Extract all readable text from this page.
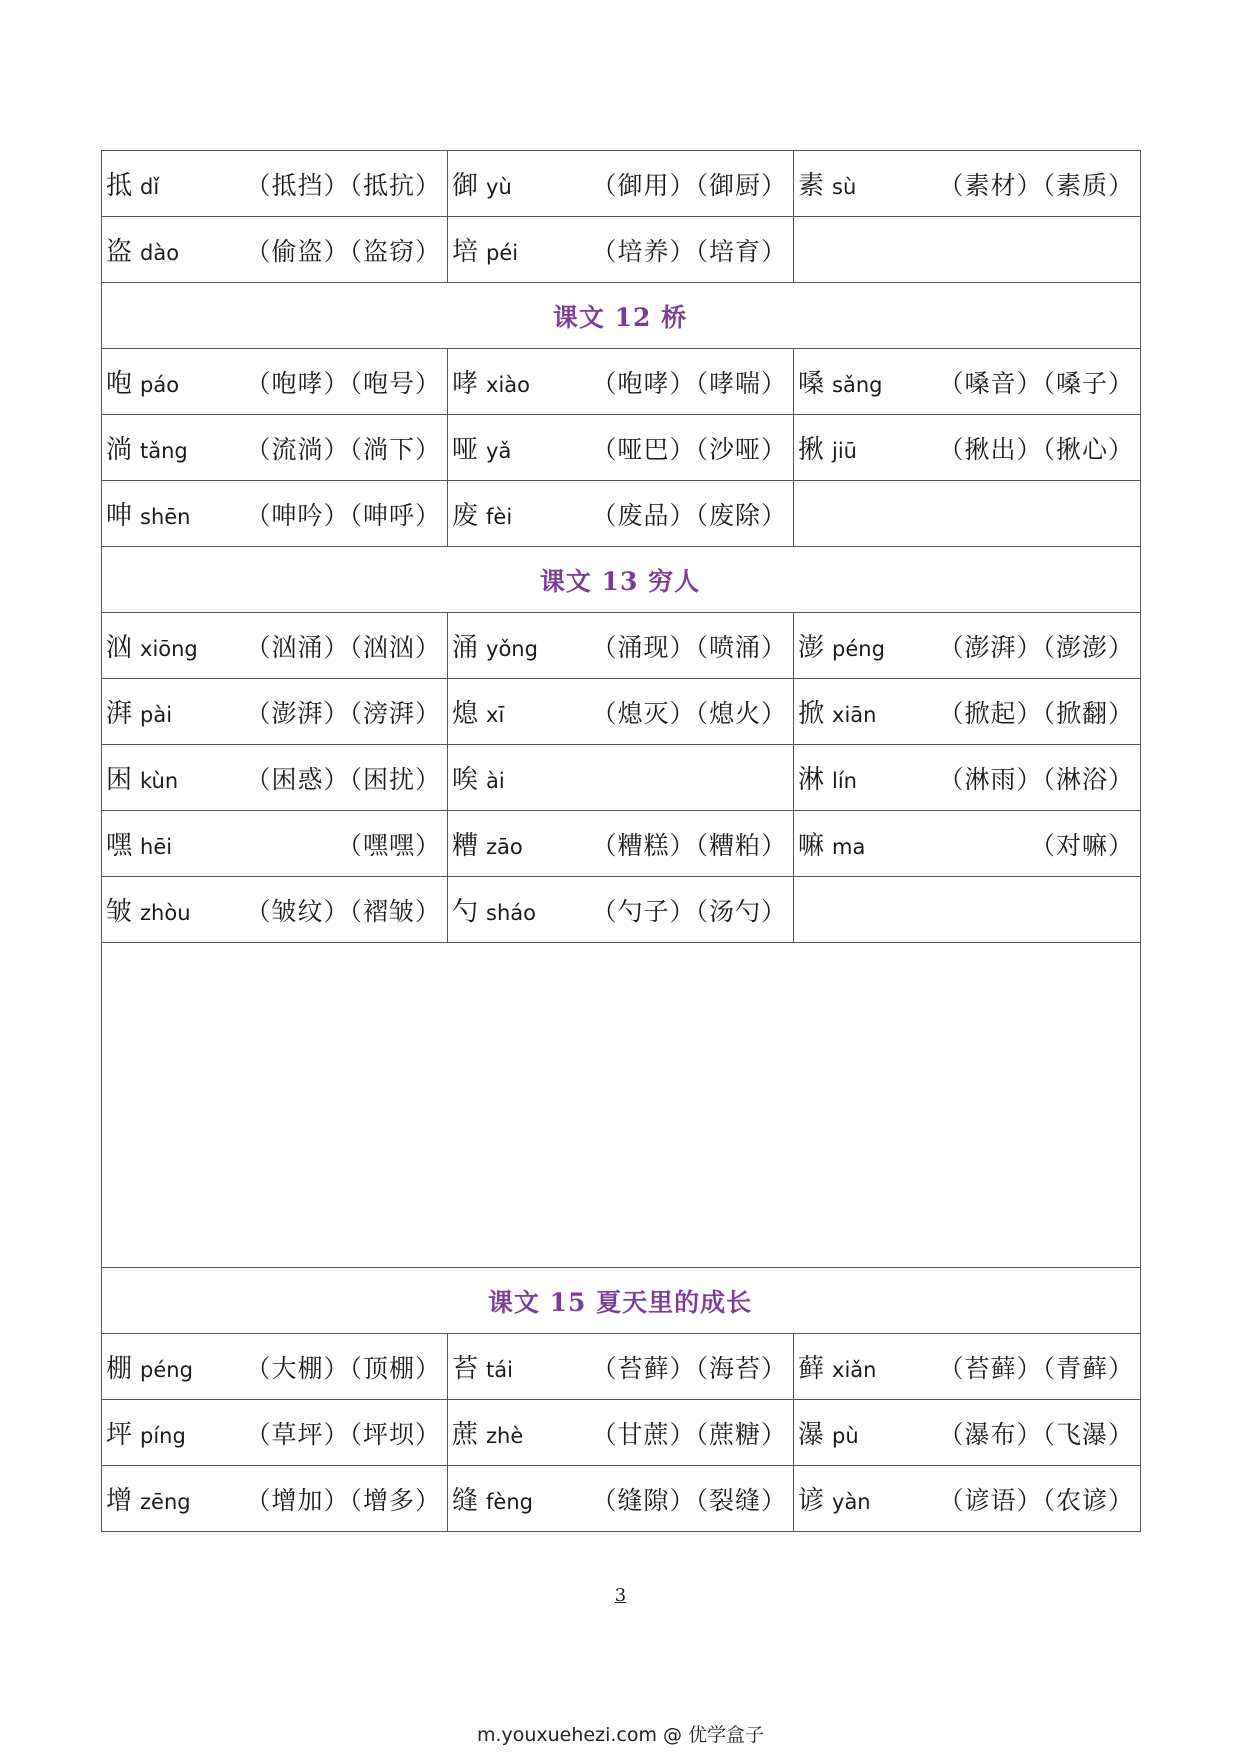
抵 dǐ （抵挡）（抵抗）	御 yù （御用）（御厨）	素 sù （素材）（素质）

盗 dào （偷盗）（盗窃）	培 péi （培养）（培育）	

课文 12 桥		

咆 páo （咆哮）（咆号）	哮 xiào （咆哮）（哮喘）	嗓 sǎng （嗓音）（嗓子）

淌 tǎng （流淌）（淌下）	哑 yǎ （哑巴）（沙哑）	揪 jiū （揪出）（揪心）

呻 shēn （呻吟）（呻呼）	废 fèi （废品）（废除）	

课文 13 穷人		

汹 xiōng （汹涌）（汹汹）	涌 yǒng （涌现）（喷涌）	澎 péng （澎湃）（澎澎）

湃 pài （澎湃）（滂湃）	熄 xī （熄灭）（熄火）	掀 xiān （掀起）（掀翻）

困 kùn （困惑）（困扰）	唉 ài	淋 lín （淋雨）（淋浴）

嘿 hēi （嘿嘿）	糟 zāo （糟糕）（糟粕）	嘛 ma （对嘛）

皱 zhòu （皱纹）（褶皱）	勺 sháo （勺子）（汤勺）	

课文 15 夏天里的成长		

棚 péng （大棚）（顶棚）	苔 tái （苔藓）（海苔）	藓 xiǎn （苔藓）（青藓）

坪 píng （草坪）（坪坝）	蔗 zhè （甘蔗）（蔗糖）	瀑 pù （瀑布）（飞瀑）

增 zēng （增加）（增多）	缝 fèng （缝隙）（裂缝）	谚 yàn （谚语）（农谚）
3
m.youxuehezi.com @ 优学盒子
